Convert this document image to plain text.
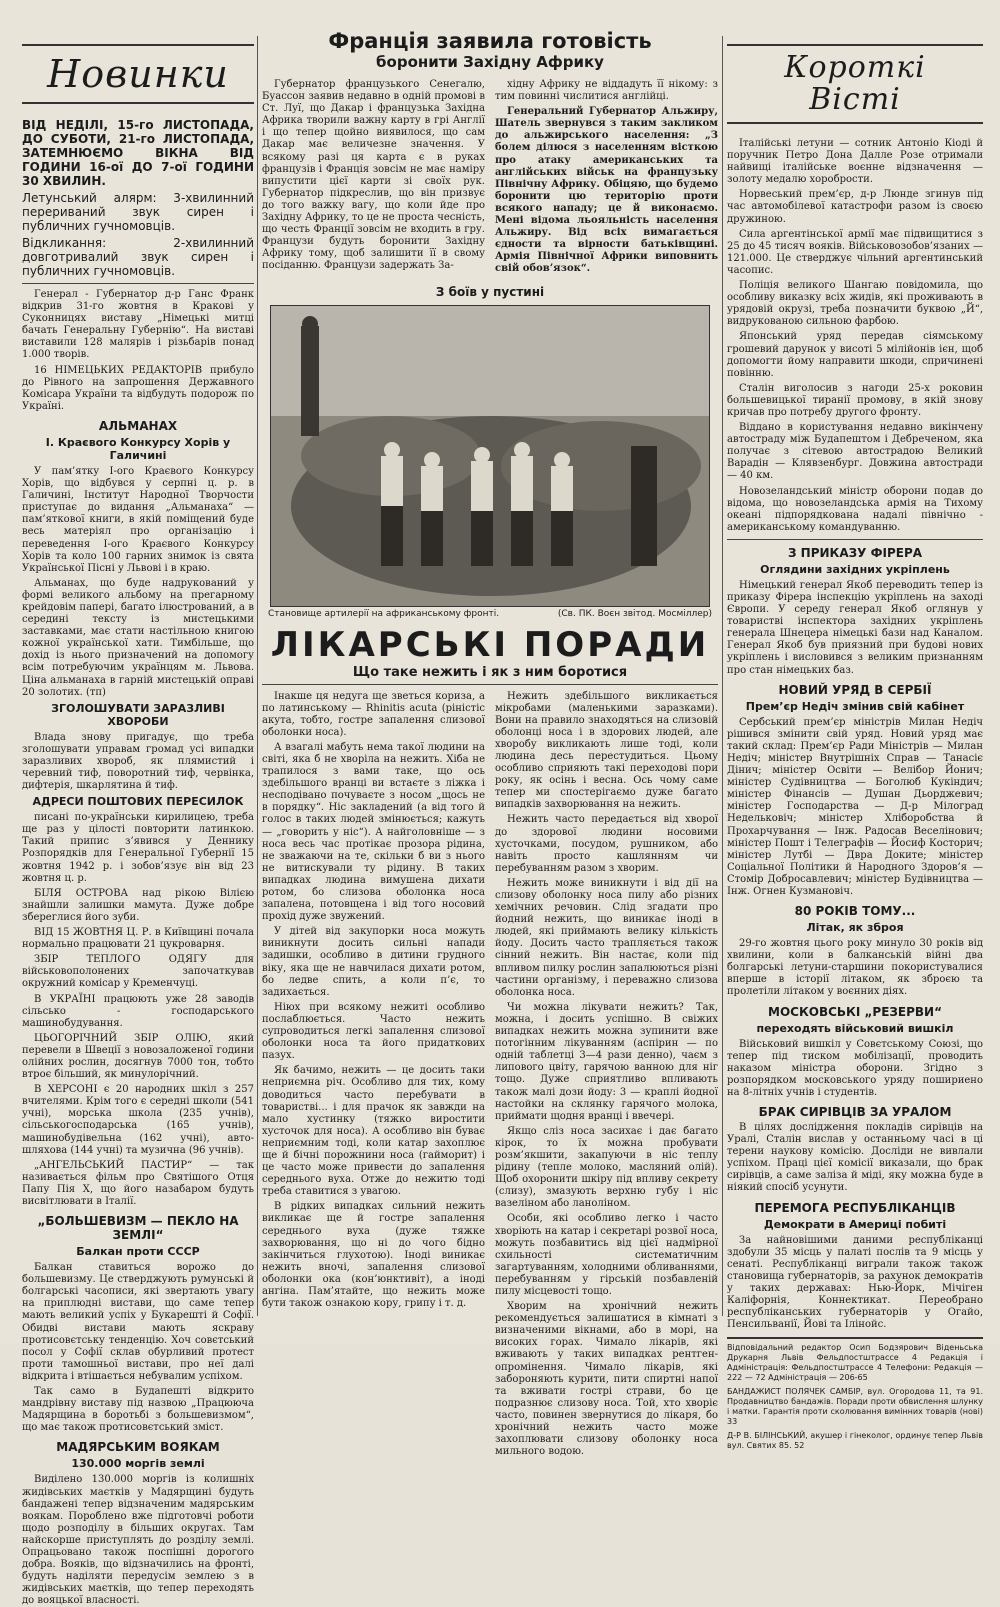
Новинки

ВІД НЕДІЛІ, 15-го ЛИСТОПАДА, ДО СУБОТИ, 21-го ЛИСТОПАДА, ЗАТЕМНЮЄМО ВІКНА ВІД ГОДИНИ 16-ої ДО 7-ої ГОДИНИ 30 ХВИЛИН.

Летунський алярм: 3-хвилинний перериваний звук сирен і публичних гучномовців.

Відкликання: 2-хвилинний довготривалий звук сирен і публичних гучномовців.

Генерал - Губернатор д-р Ганс Франк відкрив 31-го жовтня в Кракові у Суконницях виставу „Німецькі митці бачать Генеральну Губернію“. На виставі виставили 128 малярів і різьбарів понад 1.000 творів.

16 НІМЕЦЬКИХ РЕДАКТОРІВ прибуло до Рівного на запрошення Державного Комісара України та відбудуть подорож по Україні.

АЛЬМАНАХ
І. Краєвого Конкурсу Хорів у Галичині

У пам’ятку І-ого Краєвого Конкурсу Хорів, що відбувся у серпні ц. р. в Галичині, Інститут Народної Творчости приступає до видання „Альманаха“ — пам’яткової книги, в якій поміщений буде весь матеріял про організацію і переведення І-ого Краєвого Конкурсу Хорів та коло 100 гарних знимок із свята Української Пісні у Львові і в краю.

Альманах, що буде надрукований у формі великого альбому на прегарному крейдовім папері, багато ілюстрований, а в середині тексту із мистецькими заставками, має стати настільною книгою кожної української хати. Тимбільше, що дохід із нього призначений на допомогу всім потребуючим українцям м. Львова. Ціна альманаха в гарній мистецькій оправі 20 золотих. (тп)

ЗГОЛОШУВАТИ ЗАРАЗЛИВІ ХВОРОБИ

Влада знову пригадує, що треба зголошувати управам громад усі випадки заразливих хвороб, як плямистий і черевний тиф, поворотний тиф, червінка, дифтерія, шкарлятина й тиф.

АДРЕСИ ПОШТОВИХ ПЕРЕСИЛОК

писані по-українськи кирилицею, треба ще раз у цілості повторити латинкою. Такий припис з’явився у Деннику Розпорядків для Генеральної Губернії 15 жовтня 1942 р. і зобов’язує він від 23 жовтня ц. р.

БІЛЯ ОСТРОВА над рікою Вілією знайшли залишки мамута. Дуже добре збереглися його зуби.

ВІД 15 ЖОВТНЯ Ц. Р. в Київщині почала нормально працювати 21 цукроварня.

ЗБІР ТЕПЛОГО ОДЯГУ для військовополонених започаткував окружний комісар у Кременчуці.

В УКРАЇНІ працюють уже 28 заводів сільсько - господарського машинобудування.

ЦЬОГОРІЧНИЙ ЗБІР ОЛІЮ, який перевели в Швеції з новозаложеної години олійних рослин, досягнув 7000 тон, тобто втроє більший, як минулорічний.

В ХЕРСОНІ є 20 народних шкіл з 257 вчителями. Крім того є середні школи (541 учні), морська школа (235 учнів), сільськогосподарська (165 учнів), машинобудівельна (162 учні), авто-шляхова (144 учні) та музична (96 учнів).

„АНГЕЛЬСЬКИЙ ПАСТИР“ — так називається фільм про Святішого Отця Папу Пія X, що його назабаром будуть висвітлювати в Італії.

„БОЛЬШЕВИЗМ — ПЕКЛО НА ЗЕМЛІ“
Балкан проти СССР

Балкан ставиться ворожо до большевизму. Це стверджують румунські й болгарські часописи, які звертають увагу на приплюдні вистави, що саме тепер мають великий успіх у Букарешті й Софії. Обидві вистави мають яскраву протисовєтську тенденцію. Хоч совєтський посол у Софії склав обурливий протест проти тамошньої вистави, про неї далі відкрита і втішається небувалим успіхом.

Так само в Будапешті відкрито мандрівну виставу під назвою „Працююча Мадярщина в боротьбі з большевизмом“, що має також протисовєтський зміст.

МАДЯРСЬКИМ ВОЯКАМ
130.000 моргів землі

Виділено 130.000 моргів із колишніх жидівських маєтків у Мадярщині будуть бандажені тепер відзначеним мадярським воякам. Поробленo вже підготовчі роботи щодо розподілу в більших округах. Там найскорше приступлять до розділу землі. Опрацьовано також поспішні дорогого добра. Вояків, що відзначились на фронті, будуть наділяти передусім землею з в жидівських маєтків, що тепер переходять до вояцької власності.

Франція заявила готовість
боронити Західну Африку

Губернатор французького Сенегалю, Буассон заявив недавно в одній промові в Ст. Луї, що Дакар і французька Західна Африка творили важну карту в грі Англії і що тепер щойно виявилося, що сам Дакар має величезне значення. У всякому разі ця карта є в руках французів і Франція зовсім не має наміру випустити цієї карти зі своїх рук. Губернатор підкреслив, що він призвує до того важку вагу, що коли йде про Західну Африку, то це не проста чесність, що честь Франції зовсім не входить в гру. Французи будуть боронити Західну Африку тому, щоб залишити її в свому посіданню. Французи задержать За-

хідну Африку не віддадуть її нікому: з тим повинні числитися англійці.

Генеральний Губернатор Альжиру, Шатель звернувся з таким закликом до альжирського населення: „З болем ділюся з населенням вісткою про атаку американських та англійських військ на французьку Північну Африку. Обіцяю, що будемо боронити цю територію проти всякого нападу; це й виконаємо. Мені відома льояльність населення Альжиру. Від всіх вимагається єдности та вірности батьківщині. Армія Північної Африки виповнить свій обов’язок“.

З боїв у пустині
Становище артилерії на африканському фронті.	(Св. ПК. Воєн звітод. Мосміллер)
ЛІКАРСЬКІ ПОРАДИ
Що таке нежить і як з ним боротися

Інакше ця недуга ще зветься кориза, а по латинському — Rhinitis acuta (ріністіс акута, тобто, гостре запалення слизової оболонки носа).

А взагалі мабуть нема такої людини на світі, яка б не хворіла на нежить. Хіба не трапилося з вами таке, що ось здебільшого вранці ви встаєте з ліжка і несподівано почуваєте з носом „щось не в порядку“. Ніс закладений (а від того й голос в таких людей змінюється; кажуть — „говорить у ніс“). А найголовніше — з носа весь час протікає прозора рідина, не зважаючи на те, скільки б ви з нього не витискували ту рідину. В таких випадках людина вимушена дихати ротом, бо слизова оболонка носа запалена, потовщена і від того носовий прохід дуже звужений.

У дітей від закупорки носа можуть виникнути досить сильні напади задишки, особливо в дитини грудного віку, яка ще не навчилася дихати ротом, бо ледве спить, а коли п’є, то задихається.

Ніюх при всякому нежиті особливо послаблюється. Часто нежить супроводиться легкі запалення слизової оболонки носа та його придаткових пазух.

Як бачимо, нежить — це досить таки неприємна річ. Особливо для тих, кому доводиться часто перебувати в товаристві... і для прачок як завжди на мало хустинку (тяжко виростити хусточок для носа). А особливо він буває неприємним тоді, коли катар захоплює ще й бічні порожнини носа (гайморит) і це часто може привести до запалення середнього вуха. Отже до нежитю тоді треба ставитися з увагою.

В рідких випадках сильний нежить викликає ще й гостре запалення середнього вуха (дуже тяжке захворювання, що ні до чого бідно закінчиться глухотою). Іноді виникає нежить вночі, запалення слизової оболонки ока (кон’юнктивіт), а іноді ангіна. Пам’ятайте, що нежить може бути також ознакою кору, грипу і т. д.

Нежить здебільшого викликається мікробами (маленькими заразками). Вони на правило знаходяться на слизовій оболонці носа і в здорових людей, але хворобу викликають лише тоді, коли людина десь перестудиться. Цьому особливо сприяють такі переходові пори року, як осінь і весна. Ось чому саме тепер ми спостерігаємо дуже багато випадків захворювання на нежить.

Нежить часто передається від хворої до здорової людини носовими хусточками, посудом, рушником, або навіть просто кашлянням чи перебуванням разом з хворим.

Нежить може виникнути і від дії на слизову оболонку носа пилу або різних хемічних речовин. Слід згадати про йодний нежить, що виникає іноді в людей, які приймають велику кількість йоду. Досить часто трапляється також сінний нежить. Він настає, коли під впливом пилку рослин запалюються різні частини організму, і переважно слизова оболонка носа.

Чи можна лікувати нежить? Так, можна, і досить успішно. В свіжих випадках нежить можна зупинити вже потогінним лікуванням (аспірин — по одній таблетці 3—4 рази денно), чаєм з липового цвіту, гарячою ванною для ніг тощо. Дуже сприятливо впливають також малі дози йоду: 3 — краплі йодної настойки на склянку гарячого молока, приймати щодня вранці і ввечері.

Якщо сліз носа засихає і дає багато кірок, то їх можна пробувати розм’якшити, закапуючи в ніс теплу рідину (тепле молоко, масляний олій). Щоб охоронити шкіру під впливу секрету (слизу), змазують верхню губу і ніс вазеліном або ланоліном.

Особи, які особливо легко і часто хворіють на катар і секретарі розвої носа, можуть позбавитись від цієї надмірної схильності систематичним загартуванням, холодними обливаннями, перебуванням у гірській позбавленій пилу місцевості тощо.

Хворим на хронічний нежить рекомендується залишатися в кімнаті з визначеними вікнами, або в морі, на високих горах. Чимало лікарів, які вживають у таких випадках рентген-опромінення. Чимало лікарів, які забороняють курити, пити спиртні напої та вживати гострі страви, бо це подразнює слизову носа. Той, хто хворіє часто, повинен звернутися до лікаря, бо хронічний нежить часто може захоплювати слизову оболонку носа мильного водою.

Короткі
Вісті

Італійські летуни — сотник Антоніо Кіоді й поручник Петро Дона Далле Розе отримали найвищі італійське воєнне відзначення — золоту медалю хоробрости.

Норвеський прем’єр, д-р Люнде згинув під час автомобілевої катастрофи разом із своєю дружиною.

Сила аргентінської армії має підвищитися з 25 до 45 тисяч вояків. Військовозобов’язаних — 121.000. Це стверджує чільний аргентинський часопис.

Поліція великого Шангаю повідомила, що особливу виказку всіх жидів, які проживають в урядовій окрузі, треба позначити буквою „Й“, видрукованою сильною фарбою.

Японський уряд передав сіямському грошевий дарунок у висоті 5 мілійонів ієн, щоб допомогти йому направити шкоди, спричинені повінню.

Сталін виголосив з нагоди 25-х роковин большевицької тиранії промову, в якій знову кричав про потребу другого фронту.

Віддано в користування недавно викінчену автостраду між Будапештом і Дебреченом, яка получає з сітевою автострадою Великий Варадін — Клявзенбург. Довжина автостради — 40 км.

Новозеландський міністр оборони подав до відома, що новозеландська армія на Тихому океані підпорядкована надалі північно - американському командуванню.

З ПРИКАЗУ ФІРЕРА
Оглядини західних укріплень

Німецький генерал Якоб переводить тепер із приказу Фірера інспекцію укріплень на заході Європи. У середу генерал Якоб оглянув у товаристві інспектора західних укріплень генерала Шнецера німецькі бази над Каналом. Генерал Якоб був приязний при будові нових укріплень і висловився з великим признанням про стан німецьких баз.

НОВИЙ УРЯД В СЕРБІЇ
Прем’єр Недіч змінив свій кабінет

Сербський прем’єр міністрів Милан Недіч рішився змінити свій уряд. Новий уряд має такий склад: Прем’єр Ради Міністрів — Милан Недіч; міністер Внутрішніх Справ — Танасіє Дінич; міністер Освіти — Велібор Йонич; міністер Судівництва — Боголюб Кукіндич; міністер Фінансів — Душан Дьорджевич; міністер Господарства — Д-р Мілоград Недельковіч; міністер Хліборобства й Прохарчування — Інж. Радосав Веселінович; міністер Пошт і Телеграфів — Йосиф Косторич; міністер Лутбі — Двра Доките; міністер Соціальної Політики й Народного Здоров’я — Стомір Добросавлевич; міністер Будівництва — Інж. Огнен Кузмановіч.

80 РОКІВ ТОМУ...
Літак, як зброя

29-го жовтня цього року минуло 30 років від хвилини, коли в балканській війні два болгарські летуни-старшини покористувалися вперше в історії літаком, як зброєю та пролетіли літаком у воєнних діях.

МОСКОВСЬКІ „РЕЗЕРВИ“
переходять військовий вишкіл

Військовий вишкіл у Совєтському Союзі, що тепер під тиском мобілізації, проводить наказом міністра оборони. Згідно з розпорядком московського уряду пошириено на 8-літніх учнів і студентів.

БРАК СИРІВЦІВ ЗА УРАЛОМ

В цілях дослідження покладів сирівців на Уралі, Сталін вислав у останньому часі в ці терени наукову комісію. Досліди не вивлали успіхом. Праці цієї комісії виказали, що брак сирівців, а саме заліза й міді, яку можна буде в ніякий спосіб усунути.

ПЕРЕМОГА РЕСПУБЛІКАНЦІВ
Демократи в Америці побиті

За найновішими даними республіканці здобули 35 місць у палаті послів та 9 місць у сенаті. Республіканці виграли також також становища губернаторів, за рахунок демократів у таких державах: Нью-Йорк, Мічіген Каліфорнія, Коннектикат. Переобрано республіканських губернаторів у Огайо, Пенсильванії, Йові та Ілінойс.

Відповідальний редактор Осип Бодзярович Віденьська Друкарня Львів Фельдпостштрассе 4 Редакція і Адміністрація: Фельдпостштрассе 4 Телефони: Редакція — 222 — 72 Адміністрація — 206-65

БАНДАЖИСТ ПОЛЯЧЕК САМБІР, вул. Огородова 11, та 91. Продавництво бандажів. Поради проти обвислення шлунку і матки. Гарантія проти сколювання вимінних товарів (нові) 33

Д-Р В. БІЛІНСЬКИЙ, акушер і гінеколог, ординує тепер Львів вул. Святих 85. 52
